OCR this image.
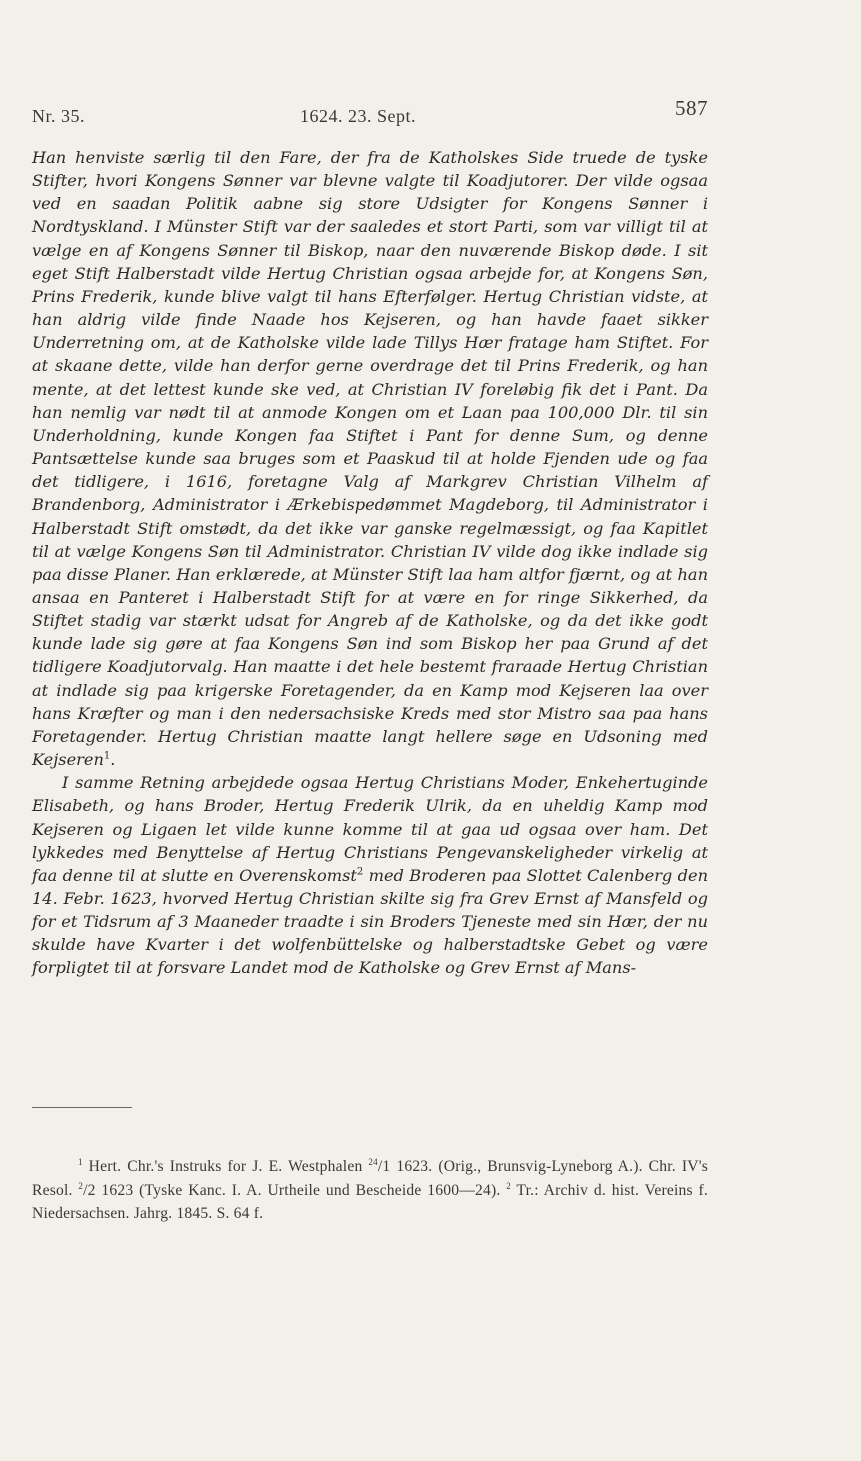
Nr. 35.	1624. 23. Sept.	587

Han henviste særlig til den Fare, der fra de Katholskes Side truede de tyske Stifter, hvori Kongens Sønner var blevne valgte til Koadjutorer. Der vilde ogsaa ved en saadan Politik aabne sig store Udsigter for Kongens Sønner i Nordtyskland. I Münster Stift var der saaledes et stort Parti, som var villigt til at vælge en af Kongens Sønner til Biskop, naar den nuværende Biskop døde. I sit eget Stift Halberstadt vilde Hertug Christian ogsaa arbejde for, at Kongens Søn, Prins Frederik, kunde blive valgt til hans Efterfølger. Hertug Christian vidste, at han aldrig vilde finde Naade hos Kejseren, og han havde faaet sikker Underretning om, at de Katholske vilde lade Tillys Hær fratage ham Stiftet. For at skaane dette, vilde han derfor gerne overdrage det til Prins Frederik, og han mente, at det lettest kunde ske ved, at Christian IV foreløbig fik det i Pant. Da han nemlig var nødt til at anmode Kongen om et Laan paa 100,000 Dlr. til sin Underholdning, kunde Kongen faa Stiftet i Pant for denne Sum, og denne Pantsættelse kunde saa bruges som et Paaskud til at holde Fjenden ude og faa det tidligere, i 1616, foretagne Valg af Markgrev Christian Vilhelm af Brandenborg, Administrator i Ærkebispedømmet Magdeborg, til Administrator i Halberstadt Stift omstødt, da det ikke var ganske regelmæssigt, og faa Kapitlet til at vælge Kongens Søn til Administrator. Christian IV vilde dog ikke indlade sig paa disse Planer. Han erklærede, at Münster Stift laa ham altfor fjærnt, og at han ansaa en Panteret i Halberstadt Stift for at være en for ringe Sikkerhed, da Stiftet stadig var stærkt udsat for Angreb af de Katholske, og da det ikke godt kunde lade sig gøre at faa Kongens Søn ind som Biskop her paa Grund af det tidligere Koadjutorvalg. Han maatte i det hele bestemt fraraade Hertug Christian at indlade sig paa krigerske Foretagender, da en Kamp mod Kejseren laa over hans Kræfter og man i den nedersachsiske Kreds med stor Mistro saa paa hans Foretagender. Hertug Christian maatte langt hellere søge en Udsoning med Kejseren$^1$.

I samme Retning arbejdede ogsaa Hertug Christians Moder, Enkehertuginde Elisabeth, og hans Broder, Hertug Frederik Ulrik, da en uheldig Kamp mod Kejseren og Ligaen let vilde kunne komme til at gaa ud ogsaa over ham. Det lykkedes med Benyttelse af Hertug Christians Pengevanskeligheder virkelig at faa denne til at slutte en Overenskomst$^2$ med Broderen paa Slottet Calenberg den 14. Febr. 1623, hvorved Hertug Christian skilte sig fra Grev Ernst af Mansfeld og for et Tidsrum af 3 Maaneder traadte i sin Broders Tjeneste med sin Hær, der nu skulde have Kvarter i det wolfenbüttelske og halberstadtske Gebet og være forpligtet til at forsvare Landet mod de Katholske og Grev Ernst af Mans-

$^1$ Hert. Chr.'s Instruks for J. E. Westphalen $^{24}$/1 1623. (Orig., Brunsvig-Lyneborg A.). Chr. IV's Resol. $^2$/2 1623 (Tyske Kanc. I. A. Urtheile und Bescheide 1600—24). $^2$ Tr.: Archiv d. hist. Vereins f. Niedersachsen. Jahrg. 1845. S. 64 f.
